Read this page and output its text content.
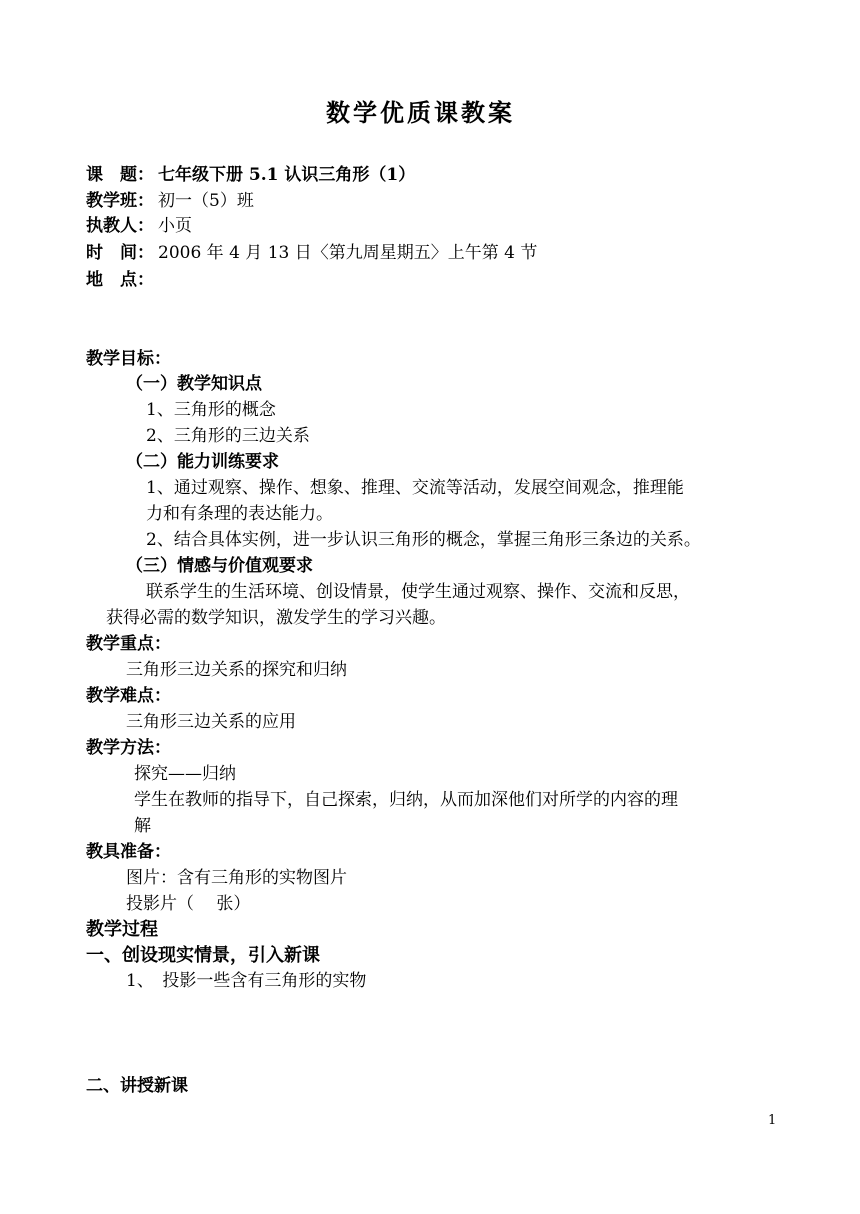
数学优质课教案
课　题： 七年级下册 5.1 认识三角形（1）
教学班： 初一（5）班
执教人： 小页
时　间： 2006 年 4 月 13 日〈第九周星期五〉上午第 4 节
地　点：
教学目标：
（一）教学知识点
1、三角形的概念
2、三角形的三边关系
（二）能力训练要求
1、通过观察、操作、想象、推理、交流等活动，发展空间观念，推理能
力和有条理的表达能力。
2、结合具体实例，进一步认识三角形的概念，掌握三角形三条边的关系。
（三）情感与价值观要求
联系学生的生活环境、创设情景，使学生通过观察、操作、交流和反思，
获得必需的数学知识，激发学生的学习兴趣。
教学重点：
三角形三边关系的探究和归纳
教学难点：
三角形三边关系的应用
教学方法：
探究——归纳
学生在教师的指导下，自己探索，归纳，从而加深他们对所学的内容的理
解
教具准备：
图片：含有三角形的实物图片
投影片（　 张）
教学过程
一、创设现实情景，引入新课
1、　投影一些含有三角形的实物
二、讲授新课
1
